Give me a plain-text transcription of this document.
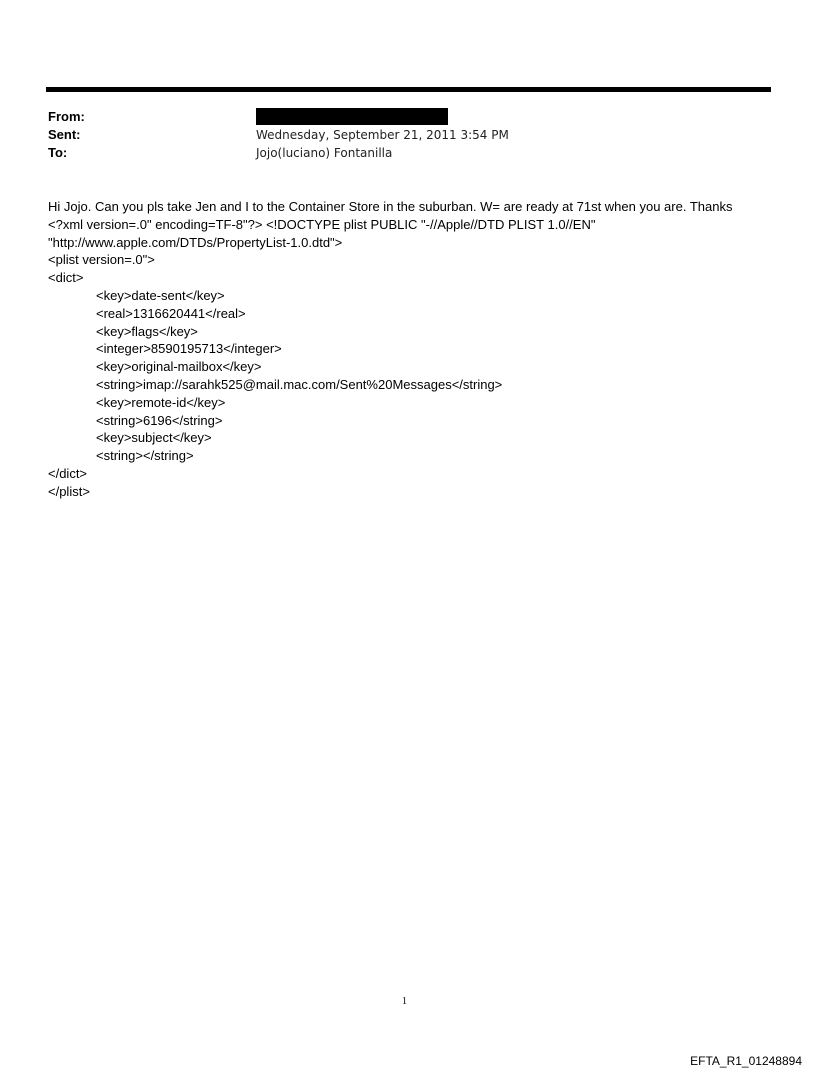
From:
Sent:	Wednesday, September 21, 2011 3:54 PM
To:	Jojo(luciano) Fontanilla

Hi Jojo. Can you pls take Jen and I to the Container Store in the suburban. W= are ready at 71st when you are. Thanks

<?xml version=.0" encoding=TF-8"?> <!DOCTYPE plist PUBLIC "-//Apple//DTD PLIST 1.0//EN"

"http://www.apple.com/DTDs/PropertyList-1.0.dtd">

<plist version=.0">

<dict>

<key>date-sent</key>

<real>1316620441</real>

<key>flags</key>

<integer>8590195713</integer>

<key>original-mailbox</key>

<string>imap://sarahk525@mail.mac.com/Sent%20Messages</string>

<key>remote-id</key>

<string>6196</string>

<key>subject</key>

<string></string>

</dict>

</plist>

1
EFTA_R1_01248894
